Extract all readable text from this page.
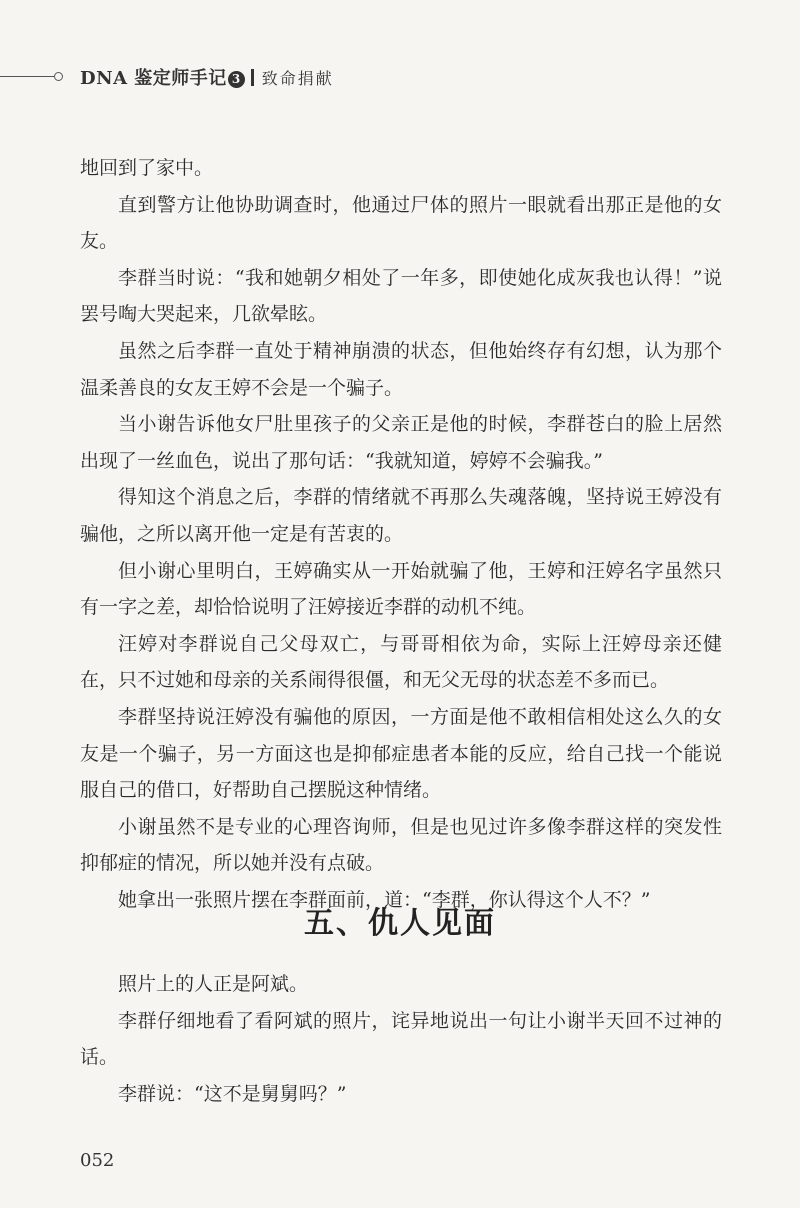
DNA 鉴定师手记 3 致命捐献

地回到了家中。

直到警方让他协助调查时，他通过尸体的照片一眼就看出那正是他的女友。

李群当时说：“我和她朝夕相处了一年多，即使她化成灰我也认得！”说罢号啕大哭起来，几欲晕眩。

虽然之后李群一直处于精神崩溃的状态，但他始终存有幻想，认为那个温柔善良的女友王婷不会是一个骗子。

当小谢告诉他女尸肚里孩子的父亲正是他的时候，李群苍白的脸上居然出现了一丝血色，说出了那句话：“我就知道，婷婷不会骗我。”

得知这个消息之后，李群的情绪就不再那么失魂落魄，坚持说王婷没有骗他，之所以离开他一定是有苦衷的。

但小谢心里明白，王婷确实从一开始就骗了他，王婷和汪婷名字虽然只有一字之差，却恰恰说明了汪婷接近李群的动机不纯。

汪婷对李群说自己父母双亡，与哥哥相依为命，实际上汪婷母亲还健在，只不过她和母亲的关系闹得很僵，和无父无母的状态差不多而已。

李群坚持说汪婷没有骗他的原因，一方面是他不敢相信相处这么久的女友是一个骗子，另一方面这也是抑郁症患者本能的反应，给自己找一个能说服自己的借口，好帮助自己摆脱这种情绪。

小谢虽然不是专业的心理咨询师，但是也见过许多像李群这样的突发性抑郁症的情况，所以她并没有点破。

她拿出一张照片摆在李群面前，道：“李群，你认得这个人不？”

五、仇人见面

照片上的人正是阿斌。

李群仔细地看了看阿斌的照片，诧异地说出一句让小谢半天回不过神的话。

李群说：“这不是舅舅吗？”

052
